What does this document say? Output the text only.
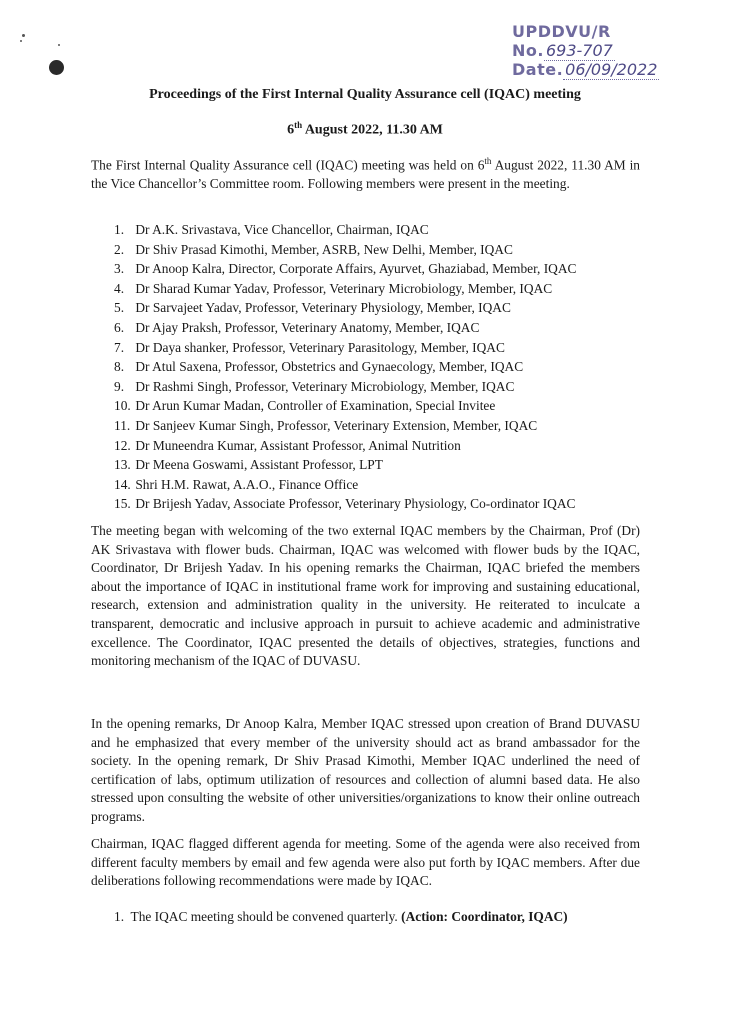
UPDDVU/R
No. 693-707
Date. 06/09/2022
Proceedings of the First Internal Quality Assurance cell (IQAC) meeting
6th August 2022, 11.30 AM

The First Internal Quality Assurance cell (IQAC) meeting was held on 6th August 2022, 11.30 AM in the Vice Chancellor’s Committee room. Following members were present in the meeting.

1. Dr A.K. Srivastava, Vice Chancellor, Chairman, IQAC
2. Dr Shiv Prasad Kimothi, Member, ASRB, New Delhi, Member, IQAC
3. Dr Anoop Kalra, Director, Corporate Affairs, Ayurvet, Ghaziabad, Member, IQAC
4. Dr Sharad Kumar Yadav, Professor, Veterinary Microbiology, Member, IQAC
5. Dr Sarvajeet Yadav, Professor, Veterinary Physiology, Member, IQAC
6. Dr Ajay Praksh, Professor, Veterinary Anatomy, Member, IQAC
7. Dr Daya shanker, Professor, Veterinary Parasitology, Member, IQAC
8. Dr Atul Saxena, Professor, Obstetrics and Gynaecology, Member, IQAC
9. Dr Rashmi Singh, Professor, Veterinary Microbiology, Member, IQAC
10. Dr Arun Kumar Madan, Controller of Examination, Special Invitee
11. Dr Sanjeev Kumar Singh, Professor, Veterinary Extension, Member, IQAC
12. Dr Muneendra Kumar, Assistant Professor, Animal Nutrition
13. Dr Meena Goswami, Assistant Professor, LPT
14. Shri H.M. Rawat, A.A.O., Finance Office
15. Dr Brijesh Yadav, Associate Professor, Veterinary Physiology, Co-ordinator IQAC

The meeting began with welcoming of the two external IQAC members by the Chairman, Prof (Dr) AK Srivastava with flower buds. Chairman, IQAC was welcomed with flower buds by the IQAC, Coordinator, Dr Brijesh Yadav. In his opening remarks the Chairman, IQAC briefed the members about the importance of IQAC in institutional frame work for improving and sustaining educational, research, extension and administration quality in the university. He reiterated to inculcate a transparent, democratic and inclusive approach in pursuit to achieve academic and administrative excellence. The Coordinator, IQAC presented the details of objectives, strategies, functions and monitoring mechanism of the IQAC of DUVASU.

In the opening remarks, Dr Anoop Kalra, Member IQAC stressed upon creation of Brand DUVASU and he emphasized that every member of the university should act as brand ambassador for the society. In the opening remark, Dr Shiv Prasad Kimothi, Member IQAC underlined the need of certification of labs, optimum utilization of resources and collection of alumni based data. He also stressed upon consulting the website of other universities/organizations to know their online outreach programs.

Chairman, IQAC flagged different agenda for meeting. Some of the agenda were also received from different faculty members by email and few agenda were also put forth by IQAC members. After due deliberations following recommendations were made by IQAC.

1. The IQAC meeting should be convened quarterly. (Action: Coordinator, IQAC)
